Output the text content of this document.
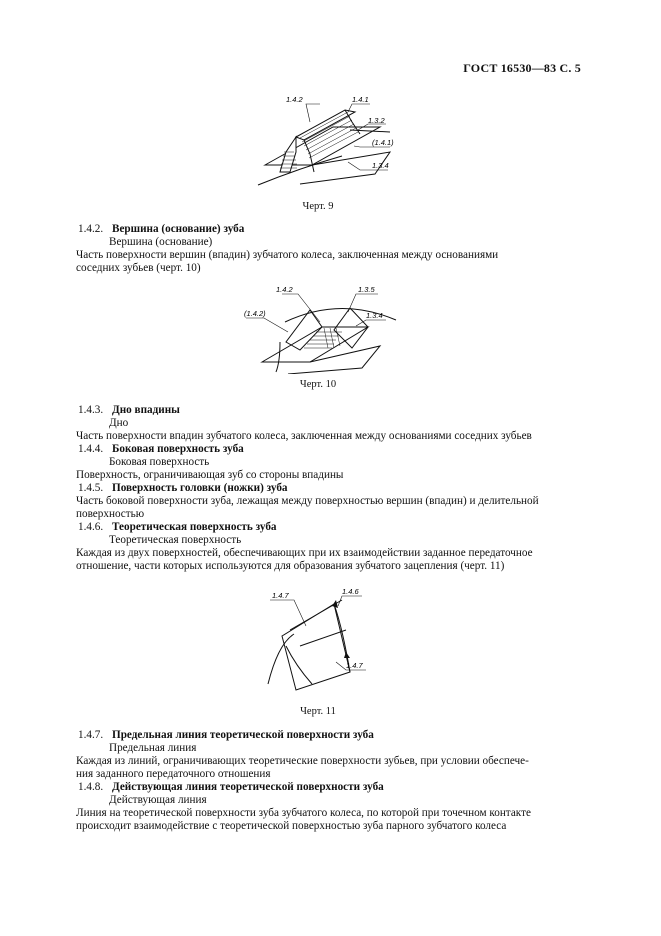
ГОСТ 16530—83 С. 5
1.4.2	1.4.1
1.3.2
(1.4.1)
1.3.4
Черт. 9
1.4.2. Вершина (основание) зуба
Вершина (основание)
Часть поверхности вершин (впадин) зубчатого колеса, заключенная между основаниями
соседних зубьев (черт. 10)
1.4.2	1.3.5
(1.4.2)	1.3.4
Черт. 10
1.4.3. Дно впадины
Дно
Часть поверхности впадин зубчатого колеса, заключенная между основаниями соседних зубьев
1.4.4. Боковая поверхность зуба
Боковая поверхность
Поверхность, ограничивающая зуб со стороны впадины
1.4.5. Поверхность головки (ножки) зуба
Часть боковой поверхности зуба, лежащая между поверхностью вершин (впадин) и делительной
поверхностью
1.4.6. Теоретическая поверхность зуба
Теоретическая поверхность
Каждая из двух поверхностей, обеспечивающих при их взаимодействии заданное передаточное
отношение, части которых используются для образования зубчатого зацепления (черт. 11)
1.4.7	1.4.6
1.4.7
Черт. 11
1.4.7. Предельная линия теоретической поверхности зуба
Предельная линия
Каждая из линий, ограничивающих теоретические поверхности зубьев, при условии обеспече-
ния заданного передаточного отношения
1.4.8. Действующая линия теоретической поверхности зуба
Действующая линия
Линия на теоретической поверхности зуба зубчатого колеса, по которой при точечном контакте
происходит взаимодействие с теоретической поверхностью зуба парного зубчатого колеса
